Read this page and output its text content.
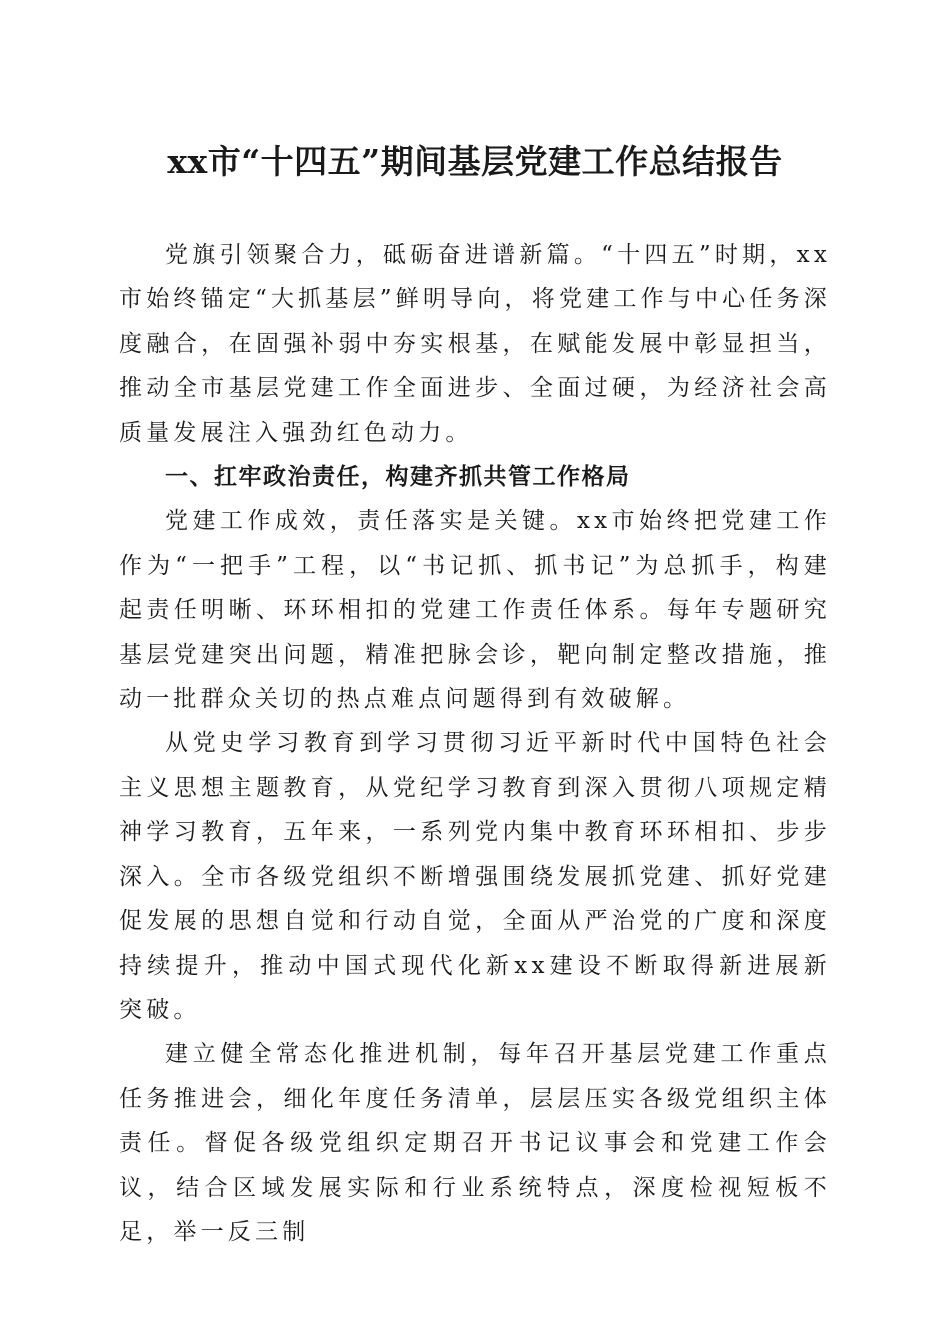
xx市“十四五”期间基层党建工作总结报告

党旗引领聚合力，砥砺奋进谱新篇。“十四五”时期，xx市始终锚定“大抓基层”鲜明导向，将党建工作与中心任务深度融合，在固强补弱中夯实根基，在赋能发展中彰显担当，推动全市基层党建工作全面进步、全面过硬，为经济社会高质量发展注入强劲红色动力。

一、扛牢政治责任，构建齐抓共管工作格局

党建工作成效，责任落实是关键。xx市始终把党建工作作为“一把手”工程，以“书记抓、抓书记”为总抓手，构建起责任明晰、环环相扣的党建工作责任体系。每年专题研究基层党建突出问题，精准把脉会诊，靶向制定整改措施，推动一批群众关切的热点难点问题得到有效破解。

从党史学习教育到学习贯彻习近平新时代中国特色社会主义思想主题教育，从党纪学习教育到深入贯彻八项规定精神学习教育，五年来，一系列党内集中教育环环相扣、步步深入。全市各级党组织不断增强围绕发展抓党建、抓好党建促发展的思想自觉和行动自觉，全面从严治党的广度和深度持续提升，推动中国式现代化新xx建设不断取得新进展新突破。

建立健全常态化推进机制，每年召开基层党建工作重点任务推进会，细化年度任务清单，层层压实各级党组织主体责任。督促各级党组织定期召开书记议事会和党建工作会议，结合区域发展实际和行业系统特点，深度检视短板不足，举一反三制
